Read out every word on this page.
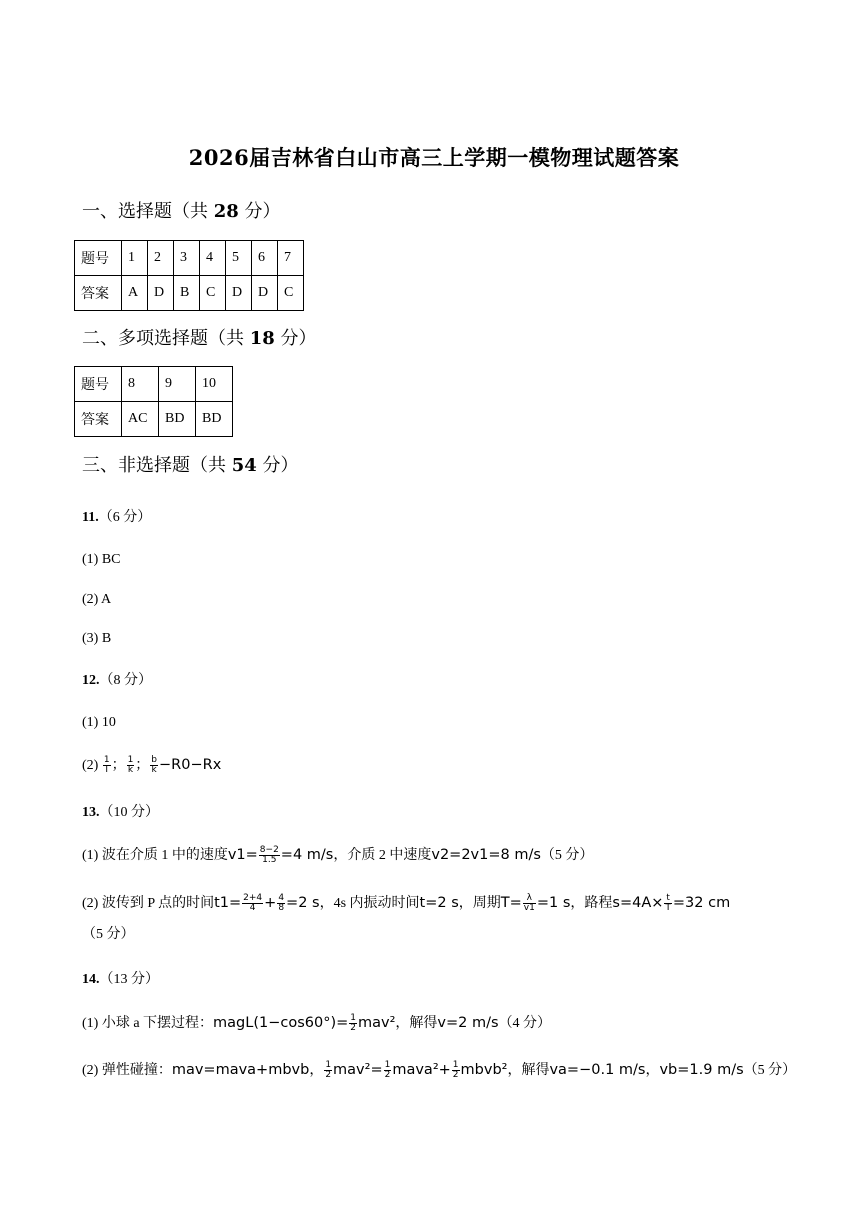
2026届吉林省白山市高三上学期一模物理试题答案
一、选择题（共 28 分）
题号	1	2	3	4	5	6	7
答案	A	D	B	C	D	D	C
二、多项选择题（共 18 分）
题号	8	9	10
答案	AC	BD	BD
三、非选择题（共 54 分）
11.（6 分）
(1) BC
(2) A
(3) B
12.（8 分）
(1) 10
$(2) \frac{1}{I}$ ； $\frac{1}{k}$ ； $\frac{b}{k} -R0-Rx$
13.（10 分）
(1) 波在介质 1 中的速度$v1= \frac{8-2}{1.5} =4$ m/s，介质 2 中速度v2=2v1=8 m/s（5 分）
(2) 波传到 P 点的时间$t1= \frac{2+4}{4} + \frac{4}{8} =2$ s，4s 内振动时间t=2 s，周期$T= \frac{\lambda}{v1} =1$ s，路程$s=4A\times \frac{t}{T} =32$ cm
（5 分）
14.（13 分）
(1) 小球 a 下摆过程：magL(1−cos60°)= $\frac{1}{2} mav^2$，解得v=2 m/s（4 分）
(2) 弹性碰撞：mav=mava+mbvb， $\frac{1}{2} mav^2= \frac{1}{2}$ mava²+ $\frac{1}{2}$ mbvb²，解得va=−0.1 m/s，vb=1.9 m/s（5 分）
